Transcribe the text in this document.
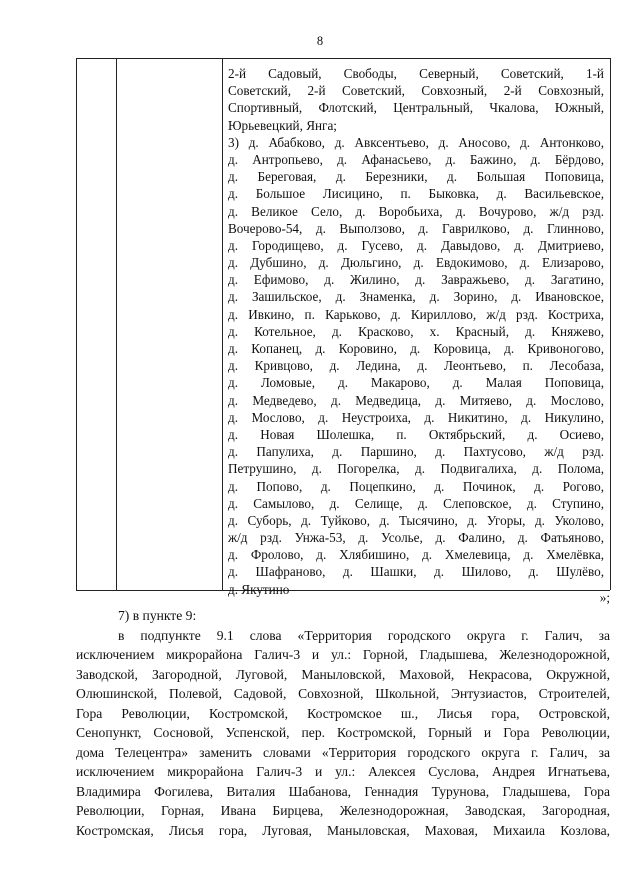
8
2-й Садовый, Свободы, Северный, Советский, 1-й
Советский, 2-й Советский, Совхозный, 2-й Совхозный,
Спортивный, Флотский, Центральный, Чкалова, Южный,
Юрьевецкий, Янга;
3) д. Абабково, д. Авксентьево, д. Аносово, д. Антонково,
д. Антропьево, д. Афанасьево, д. Бажино, д. Бёрдово,
д. Береговая, д. Березники, д. Большая Поповица,
д. Большое Лисицино, п. Быковка, д. Васильевское,
д. Великое Село, д. Воробьиха, д. Вочурово, ж/д рзд.
Вочерово-54, д. Выползово, д. Гаврилково, д. Глинново,
д. Городищево, д. Гусево, д. Давыдово, д. Дмитриево,
д. Дубшино, д. Дюльгино, д. Евдокимово, д. Елизарово,
д. Ефимово, д. Жилино, д. Завражьево, д. Загатино,
д. Зашильское, д. Знаменка, д. Зорино, д. Ивановское,
д. Ивкино, п. Карьково, д. Кириллово, ж/д рзд. Костриха,
д. Котельное, д. Красково, х. Красный, д. Княжево,
д. Копанец, д. Коровино, д. Коровица, д. Кривоногово,
д. Кривцово, д. Ледина, д. Леонтьево, п. Лесобаза,
д. Ломовые, д. Макарово, д. Малая Поповица,
д. Медведево, д. Медведица, д. Митяево, д. Мослово,
д. Мослово, д. Неустроиха, д. Никитино, д. Никулино,
д. Новая Шолешка, п. Октябрьский, д. Осиево,
д. Папулиха, д. Паршино, д. Пахтусово, ж/д рзд.
Петрушино, д. Погорелка, д. Подвигалиха, д. Полома,
д. Попово, д. Поцепкино, д. Починок, д. Рогово,
д. Самылово, д. Селище, д. Слеповское, д. Ступино,
д. Суборь, д. Туйково, д. Тысячино, д. Угоры, д. Уколово,
ж/д рзд. Унжа-53, д. Усолье, д. Фалино, д. Фатьяново,
д. Фролово, д. Хлябишино, д. Хмелевица, д. Хмелёвка,
д. Шафраново, д. Шашки, д. Шилово, д. Шулёво,
д. Якутино
»;
7) в пункте 9:
в подпункте 9.1 слова «Территория городского округа г. Галич, за
исключением микрорайона Галич-3 и ул.: Горной, Гладышева, Железнодорожной,
Заводской, Загородной, Луговой, Маныловской, Маховой, Некрасова, Окружной,
Олюшинской, Полевой, Садовой, Совхозной, Школьной, Энтузиастов, Строителей,
Гора Революции, Костромской, Костромское ш., Лисья гора, Островской,
Сенопункт, Сосновой, Успенской, пер. Костромской, Горный и Гора Революции,
дома Телецентра» заменить словами «Территория городского округа г. Галич, за
исключением микрорайона Галич-3 и ул.: Алексея Суслова, Андрея Игнатьева,
Владимира Фогилева, Виталия Шабанова, Геннадия Турунова, Гладышева, Гора
Революции, Горная, Ивана Бирцева, Железнодорожная, Заводская, Загородная,
Костромская, Лисья гора, Луговая, Маныловская, Маховая, Михаила Козлова,
